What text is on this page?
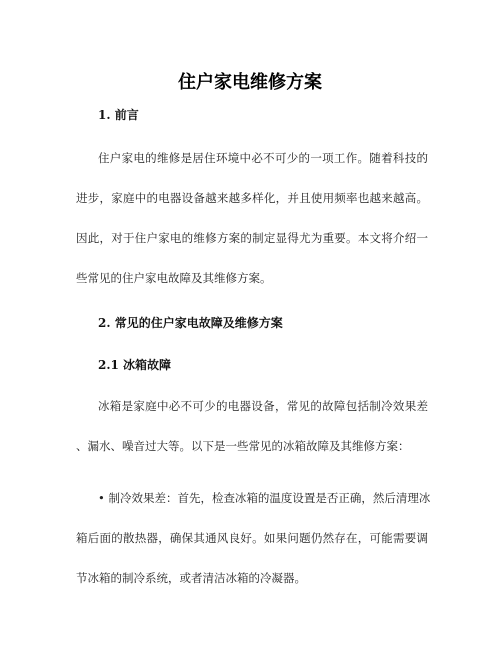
住户家电维修方案
1. 前言
住户家电的维修是居住环境中必不可少的一项工作。随着科技的
进步，家庭中的电器设备越来越多样化，并且使用频率也越来越高。
因此，对于住户家电的维修方案的制定显得尤为重要。本文将介绍一
些常见的住户家电故障及其维修方案。
2. 常见的住户家电故障及维修方案
2.1 冰箱故障
冰箱是家庭中必不可少的电器设备，常见的故障包括制冷效果差
、漏水、噪音过大等。以下是一些常见的冰箱故障及其维修方案：
• 制冷效果差：首先，检查冰箱的温度设置是否正确，然后清理冰
箱后面的散热器，确保其通风良好。如果问题仍然存在，可能需要调
节冰箱的制冷系统，或者清洁冰箱的冷凝器。
